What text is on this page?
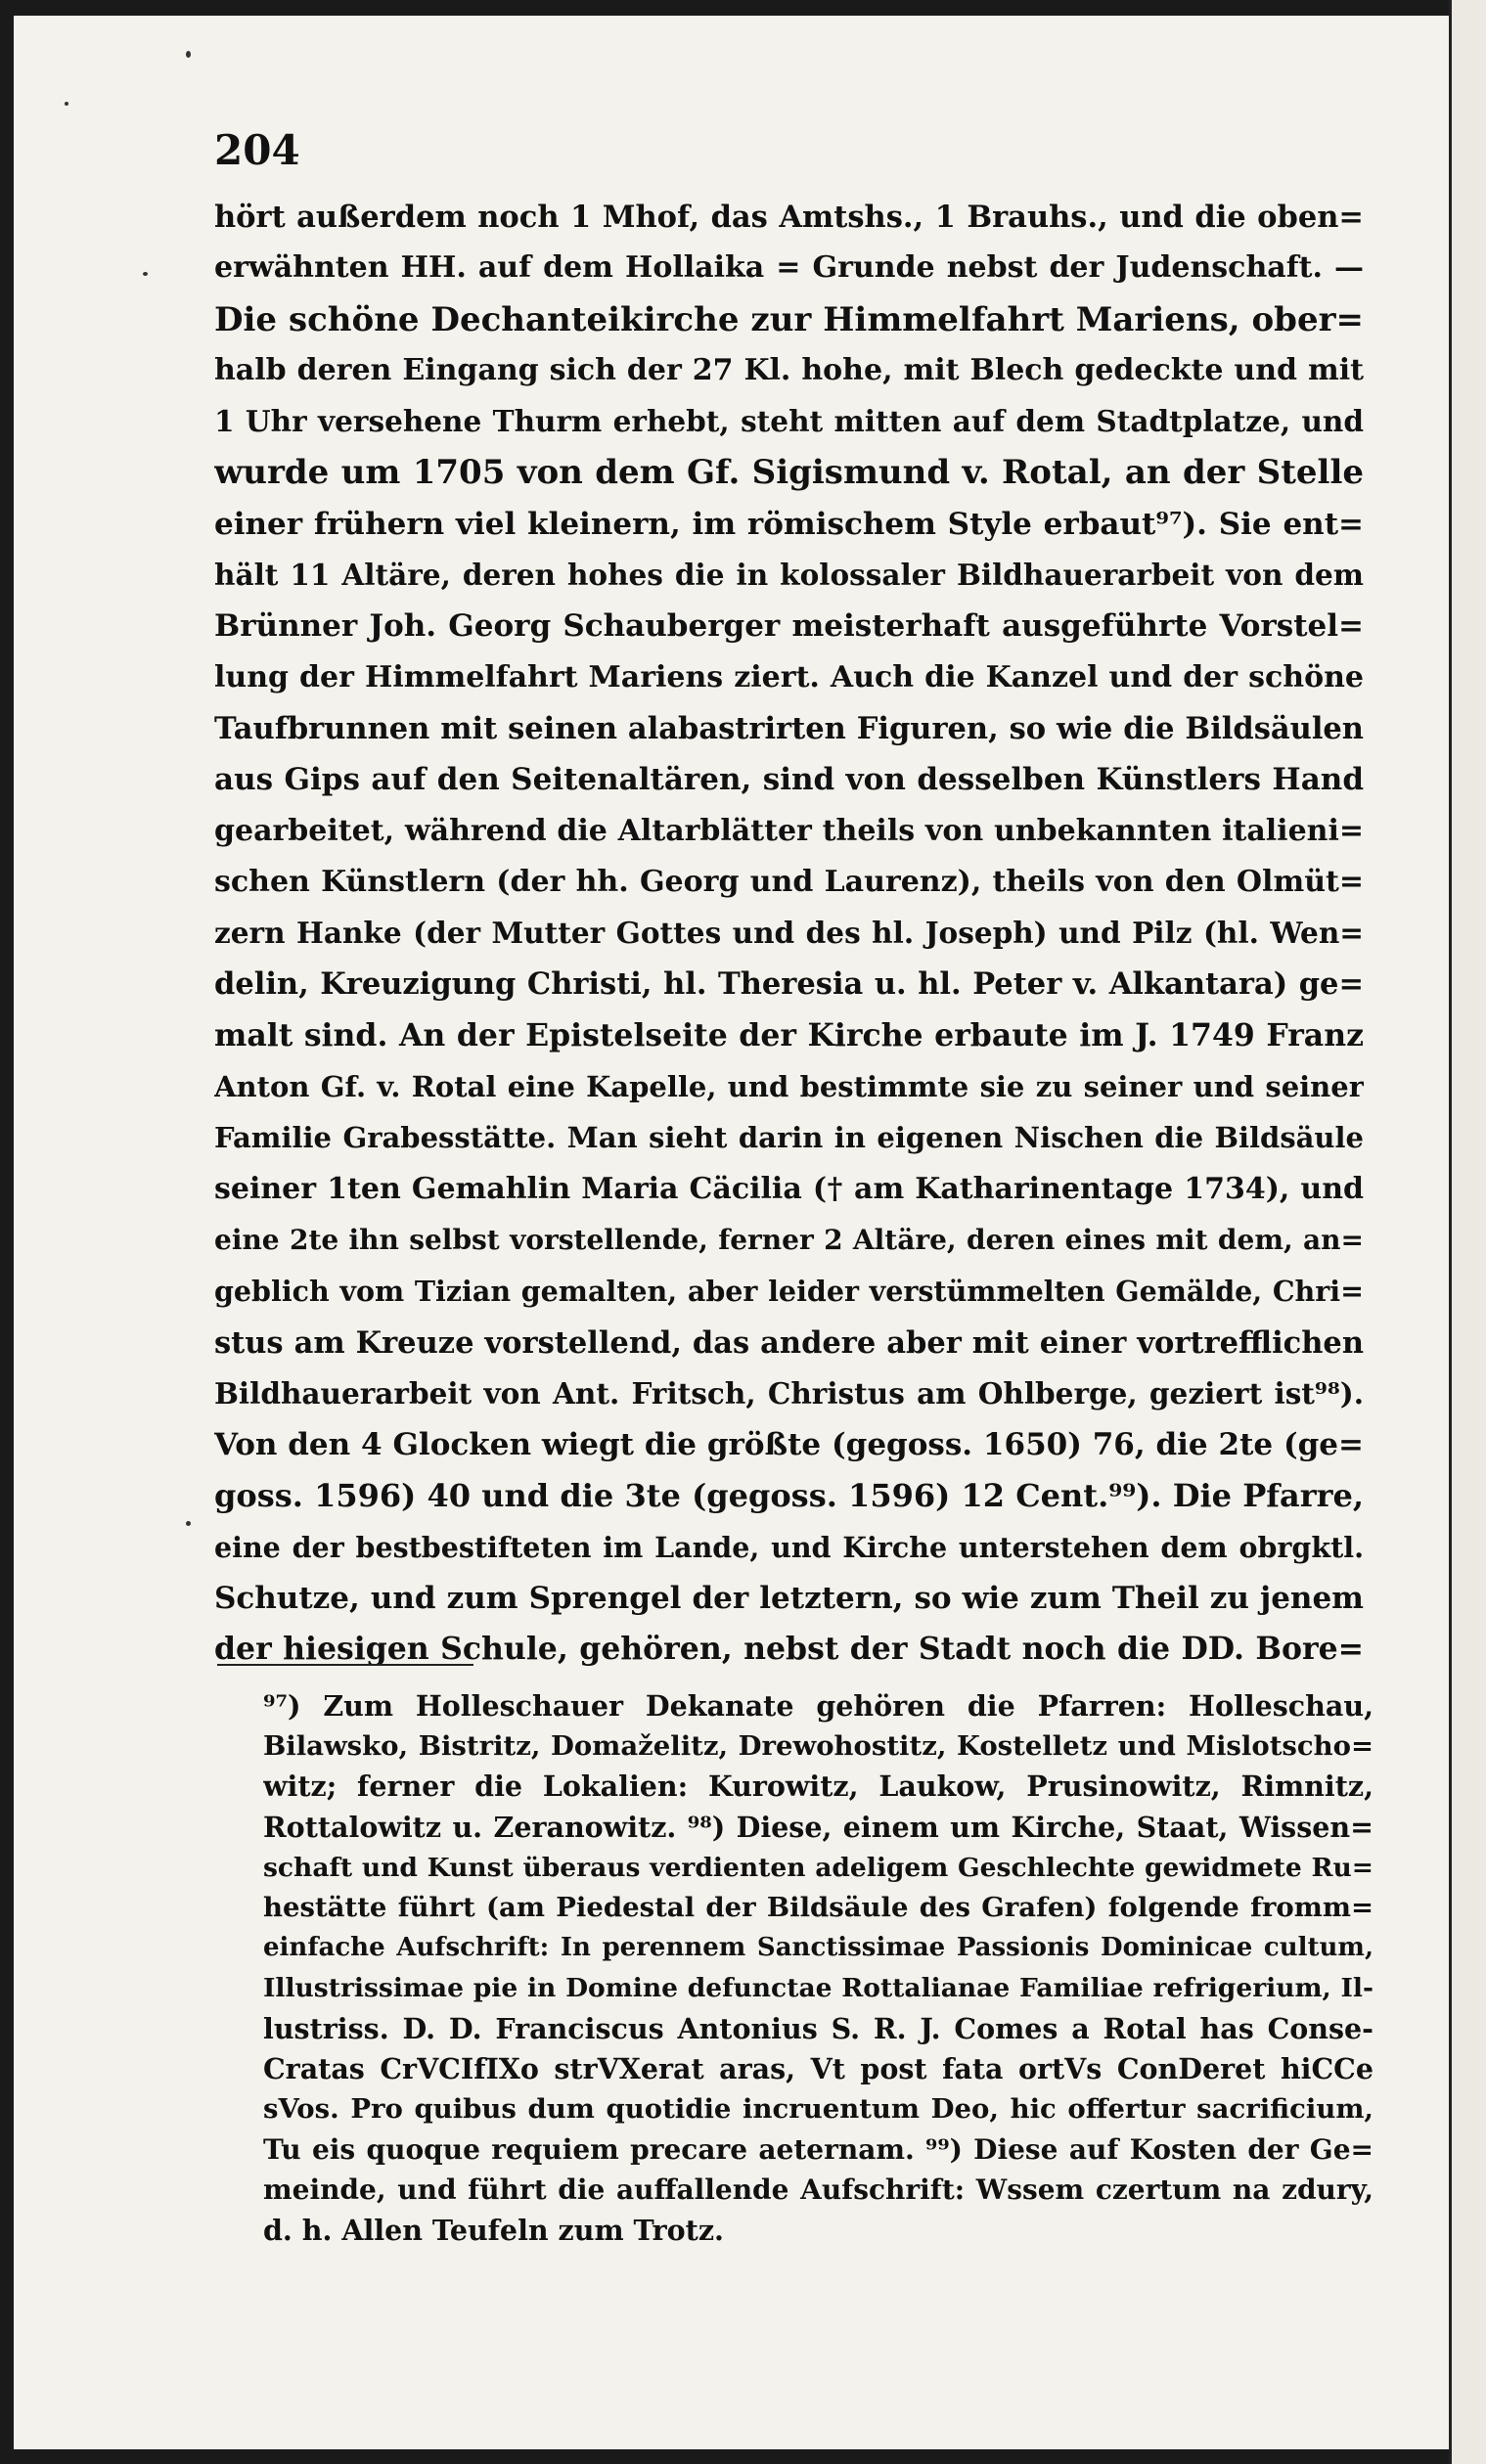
204
hört außerdem noch 1 Mhof, das Amtshs., 1 Brauhs., und die oben=
erwähnten HH. auf dem Hollaika = Grunde nebst der Judenschaft. —
Die schöne Dechanteikirche zur Himmelfahrt Mariens, ober=
halb deren Eingang sich der 27 Kl. hohe, mit Blech gedeckte und mit
1 Uhr versehene Thurm erhebt, steht mitten auf dem Stadtplatze, und
wurde um 1705 von dem Gf. Sigismund v. Rotal, an der Stelle
einer frühern viel kleinern, im römischem Style erbaut⁹⁷). Sie ent=
hält 11 Altäre, deren hohes die in kolossaler Bildhauerarbeit von dem
Brünner Joh. Georg Schauberger meisterhaft ausgeführte Vorstel=
lung der Himmelfahrt Mariens ziert. Auch die Kanzel und der schöne
Taufbrunnen mit seinen alabastrirten Figuren, so wie die Bildsäulen
aus Gips auf den Seitenaltären, sind von desselben Künstlers Hand
gearbeitet, während die Altarblätter theils von unbekannten italieni=
schen Künstlern (der hh. Georg und Laurenz), theils von den Olmüt=
zern Hanke (der Mutter Gottes und des hl. Joseph) und Pilz (hl. Wen=
delin, Kreuzigung Christi, hl. Theresia u. hl. Peter v. Alkantara) ge=
malt sind. An der Epistelseite der Kirche erbaute im J. 1749 Franz
Anton Gf. v. Rotal eine Kapelle, und bestimmte sie zu seiner und seiner
Familie Grabesstätte. Man sieht darin in eigenen Nischen die Bildsäule
seiner 1ten Gemahlin Maria Cäcilia († am Katharinentage 1734), und
eine 2te ihn selbst vorstellende, ferner 2 Altäre, deren eines mit dem, an=
geblich vom Tizian gemalten, aber leider verstümmelten Gemälde, Chri=
stus am Kreuze vorstellend, das andere aber mit einer vortrefflichen
Bildhauerarbeit von Ant. Fritsch, Christus am Ohlberge, geziert ist⁹⁸).
Von den 4 Glocken wiegt die größte (gegoss. 1650) 76, die 2te (ge=
goss. 1596) 40 und die 3te (gegoss. 1596) 12 Cent.⁹⁹). Die Pfarre,
eine der bestbestifteten im Lande, und Kirche unterstehen dem obrgktl.
Schutze, und zum Sprengel der letztern, so wie zum Theil zu jenem
der hiesigen Schule, gehören, nebst der Stadt noch die DD. Bore=
⁹⁷) Zum Holleschauer Dekanate gehören die Pfarren: Holleschau,
Bilawsko, Bistritz, Domaželitz, Drewohostitz, Kostelletz und Mislotscho=
witz; ferner die Lokalien: Kurowitz, Laukow, Prusinowitz, Rimnitz,
Rottalowitz u. Zeranowitz. ⁹⁸) Diese, einem um Kirche, Staat, Wissen=
schaft und Kunst überaus verdienten adeligem Geschlechte gewidmete Ru=
hestätte führt (am Piedestal der Bildsäule des Grafen) folgende fromm=
einfache Aufschrift: In perennem Sanctissimae Passionis Dominicae cultum,
Illustrissimae pie in Domine defunctae Rottalianae Familiae refrigerium, Il-
lustriss. D. D. Franciscus Antonius S. R. J. Comes a Rotal has Conse-
Cratas CrVCIfIXo strVXerat aras, Vt post fata ortVs ConDeret hiCCe
sVos. Pro quibus dum quotidie incruentum Deo, hic offertur sacrificium,
Tu eis quoque requiem precare aeternam. ⁹⁹) Diese auf Kosten der Ge=
meinde, und führt die auffallende Aufschrift: Wssem czertum na zdury,
d. h. Allen Teufeln zum Trotz.
